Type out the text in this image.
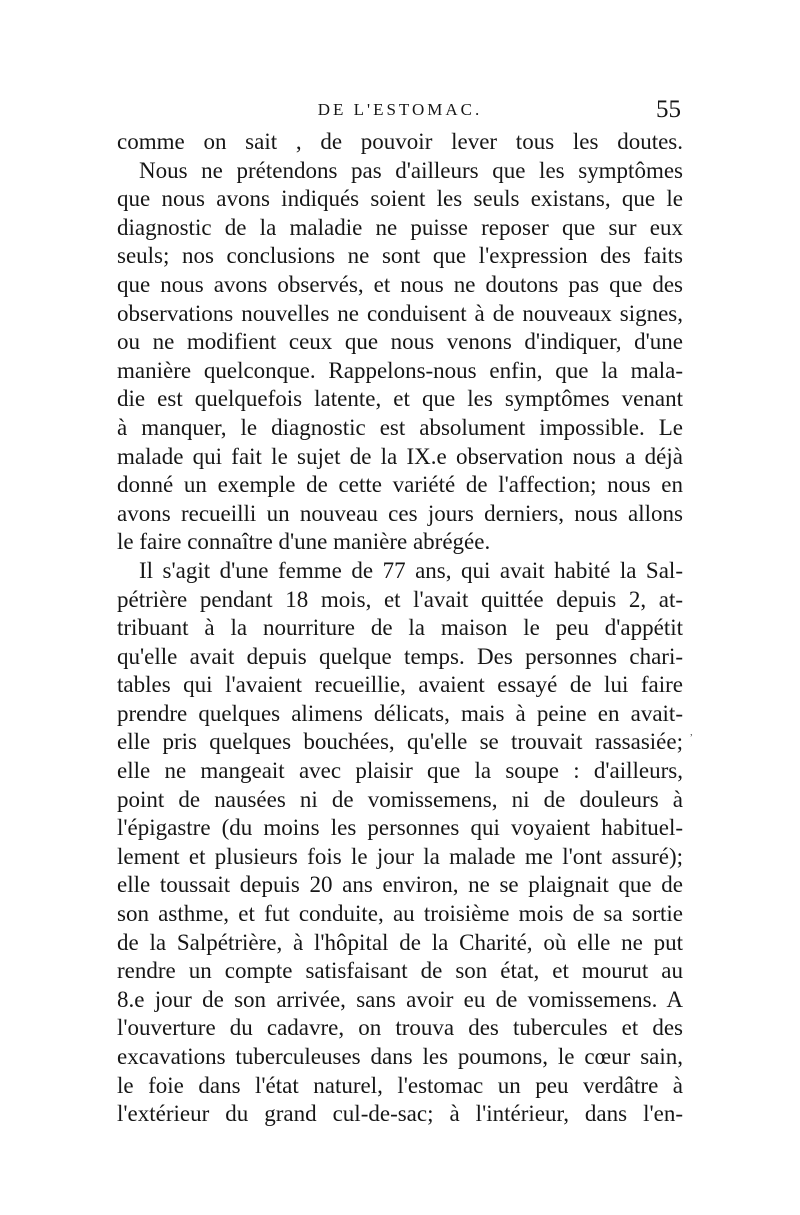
DE L'ESTOMAC.	55
comme on sait , de pouvoir lever tous les doutes.
Nous ne prétendons pas d'ailleurs que les symptômes
que nous avons indiqués soient les seuls existans, que le
diagnostic de la maladie ne puisse reposer que sur eux
seuls; nos conclusions ne sont que l'expression des faits
que nous avons observés, et nous ne doutons pas que des
observations nouvelles ne conduisent à de nouveaux signes,
ou ne modifient ceux que nous venons d'indiquer, d'une
manière quelconque. Rappelons-nous enfin, que la mala-
die est quelquefois latente, et que les symptômes venant
à manquer, le diagnostic est absolument impossible. Le
malade qui fait le sujet de la IX.e observation nous a déjà
donné un exemple de cette variété de l'affection; nous en
avons recueilli un nouveau ces jours derniers, nous allons
le faire connaître d'une manière abrégée.
Il s'agit d'une femme de 77 ans, qui avait habité la Sal-
pétrière pendant 18 mois, et l'avait quittée depuis 2, at-
tribuant à la nourriture de la maison le peu d'appétit
qu'elle avait depuis quelque temps. Des personnes chari-
tables qui l'avaient recueillie, avaient essayé de lui faire
prendre quelques alimens délicats, mais à peine en avait-
elle pris quelques bouchées, qu'elle se trouvait rassasiée;
elle ne mangeait avec plaisir que la soupe : d'ailleurs,
point de nausées ni de vomissemens, ni de douleurs à
l'épigastre (du moins les personnes qui voyaient habituel-
lement et plusieurs fois le jour la malade me l'ont assuré);
elle toussait depuis 20 ans environ, ne se plaignait que de
son asthme, et fut conduite, au troisième mois de sa sortie
de la Salpétrière, à l'hôpital de la Charité, où elle ne put
rendre un compte satisfaisant de son état, et mourut au
8.e jour de son arrivée, sans avoir eu de vomissemens. A
l'ouverture du cadavre, on trouva des tubercules et des
excavations tuberculeuses dans les poumons, le cœur sain,
le foie dans l'état naturel, l'estomac un peu verdâtre à
l'extérieur du grand cul-de-sac; à l'intérieur, dans l'en-
,
